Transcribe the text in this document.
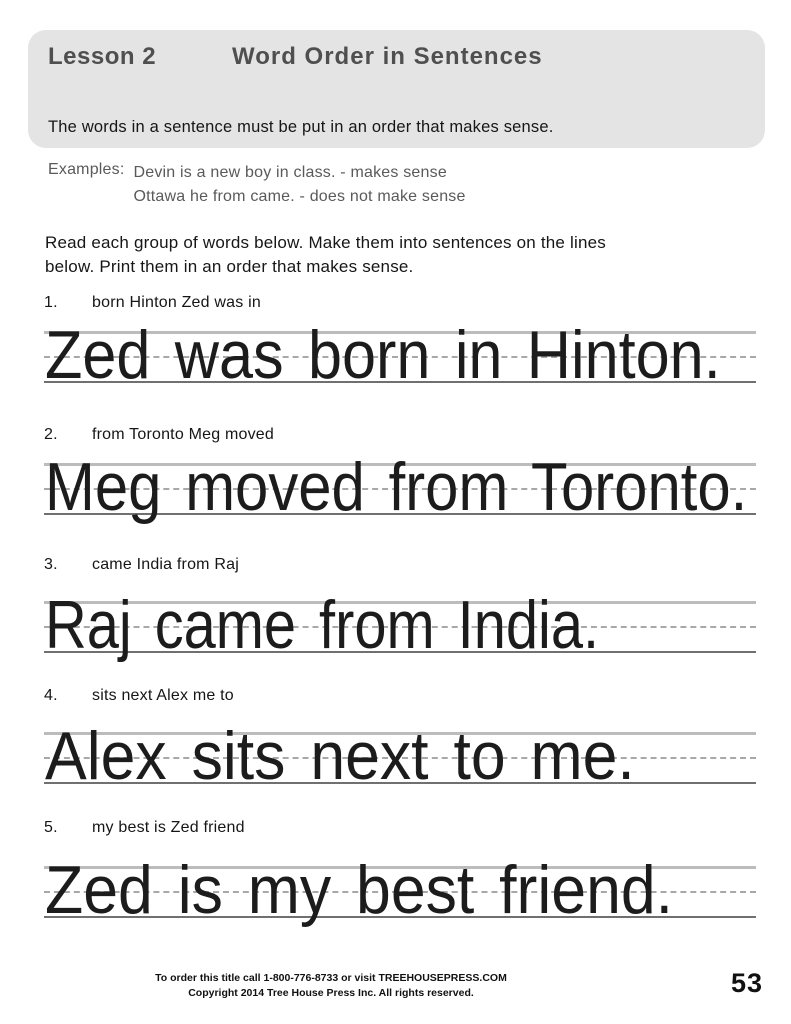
Lesson 2	Word Order in Sentences

The words in a sentence must be put in an order that makes sense.

Examples: Devin is a new boy in class. - makes sense
Ottawa he from came. - does not make sense
Read each group of words below. Make them into sentences on the lines
below. Print them in an order that makes sense.
1. born Hinton Zed was in
Zed was born in Hinton.
2. from Toronto Meg moved
Meg moved from Toronto.
3. came India from Raj
Raj came from India.
4. sits next Alex me to
Alex sits next to me.
5. my best is Zed friend
Zed is my best friend.
To order this title call 1-800-776-8733 or visit TREEHOUSEPRESS.COM
Copyright 2014 Tree House Press Inc. All rights reserved.	53
